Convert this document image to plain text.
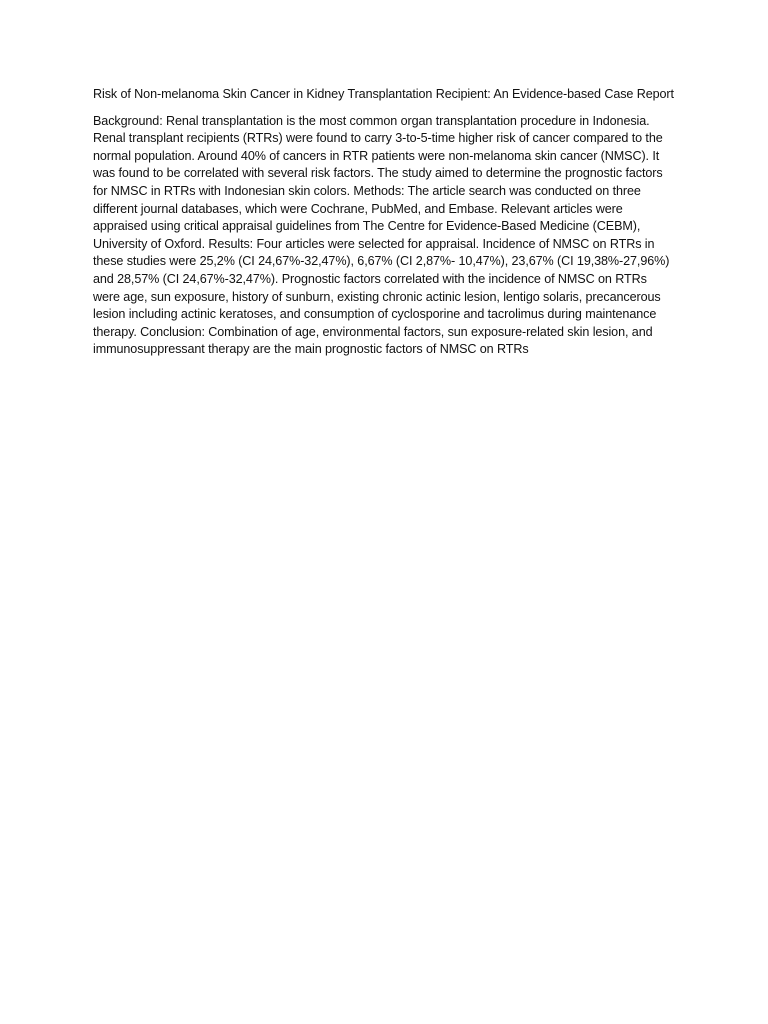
Risk of Non-melanoma Skin Cancer in Kidney Transplantation Recipient: An Evidence-based Case Report

Background: Renal transplantation is the most common organ transplantation procedure in Indonesia. Renal transplant recipients (RTRs) were found to carry 3-to-5-time higher risk of cancer compared to the normal population. Around 40% of cancers in RTR patients were non-melanoma skin cancer (NMSC). It was found to be correlated with several risk factors. The study aimed to determine the prognostic factors for NMSC in RTRs with Indonesian skin colors. Methods: The article search was conducted on three different journal databases, which were Cochrane, PubMed, and Embase. Relevant articles were appraised using critical appraisal guidelines from The Centre for Evidence-Based Medicine (CEBM), University of Oxford. Results: Four articles were selected for appraisal. Incidence of NMSC on RTRs in these studies were 25,2% (CI 24,67%-32,47%), 6,67% (CI 2,87%- 10,47%), 23,67% (CI 19,38%-27,96%) and 28,57% (CI 24,67%-32,47%). Prognostic factors correlated with the incidence of NMSC on RTRs were age, sun exposure, history of sunburn, existing chronic actinic lesion, lentigo solaris, precancerous lesion including actinic keratoses, and consumption of cyclosporine and tacrolimus during maintenance therapy. Conclusion: Combination of age, environmental factors, sun exposure-related skin lesion, and immunosuppressant therapy are the main prognostic factors of NMSC on RTRs
